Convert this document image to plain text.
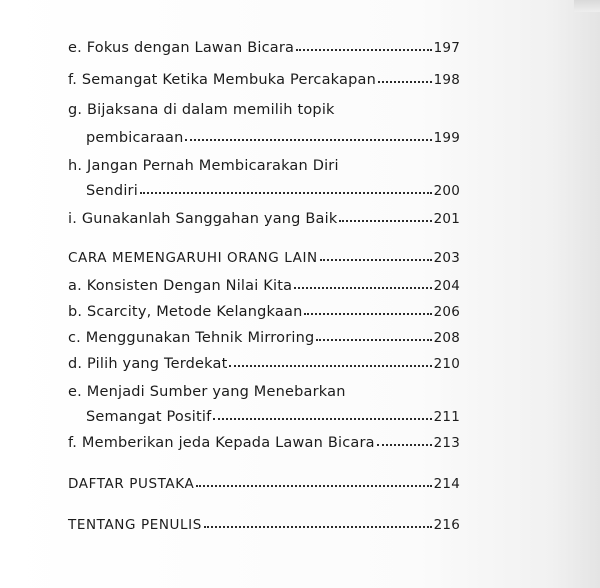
e. Fokus dengan Lawan Bicara	197
f. Semangat Ketika Membuka Percakapan	198
g. Bijaksana di dalam memilih topik
pembicaraan	199
h. Jangan Pernah Membicarakan Diri
Sendiri	200
i. Gunakanlah Sanggahan yang Baik	201
CARA MEMENGARUHI ORANG LAIN	203
a. Konsisten Dengan Nilai Kita	204
b. Scarcity, Metode Kelangkaan	206
c. Menggunakan Tehnik Mirroring	208
d. Pilih yang Terdekat	210
e. Menjadi Sumber yang Menebarkan
Semangat Positif	211
f. Memberikan jeda Kepada Lawan Bicara	213
DAFTAR PUSTAKA	214
TENTANG PENULIS	216
